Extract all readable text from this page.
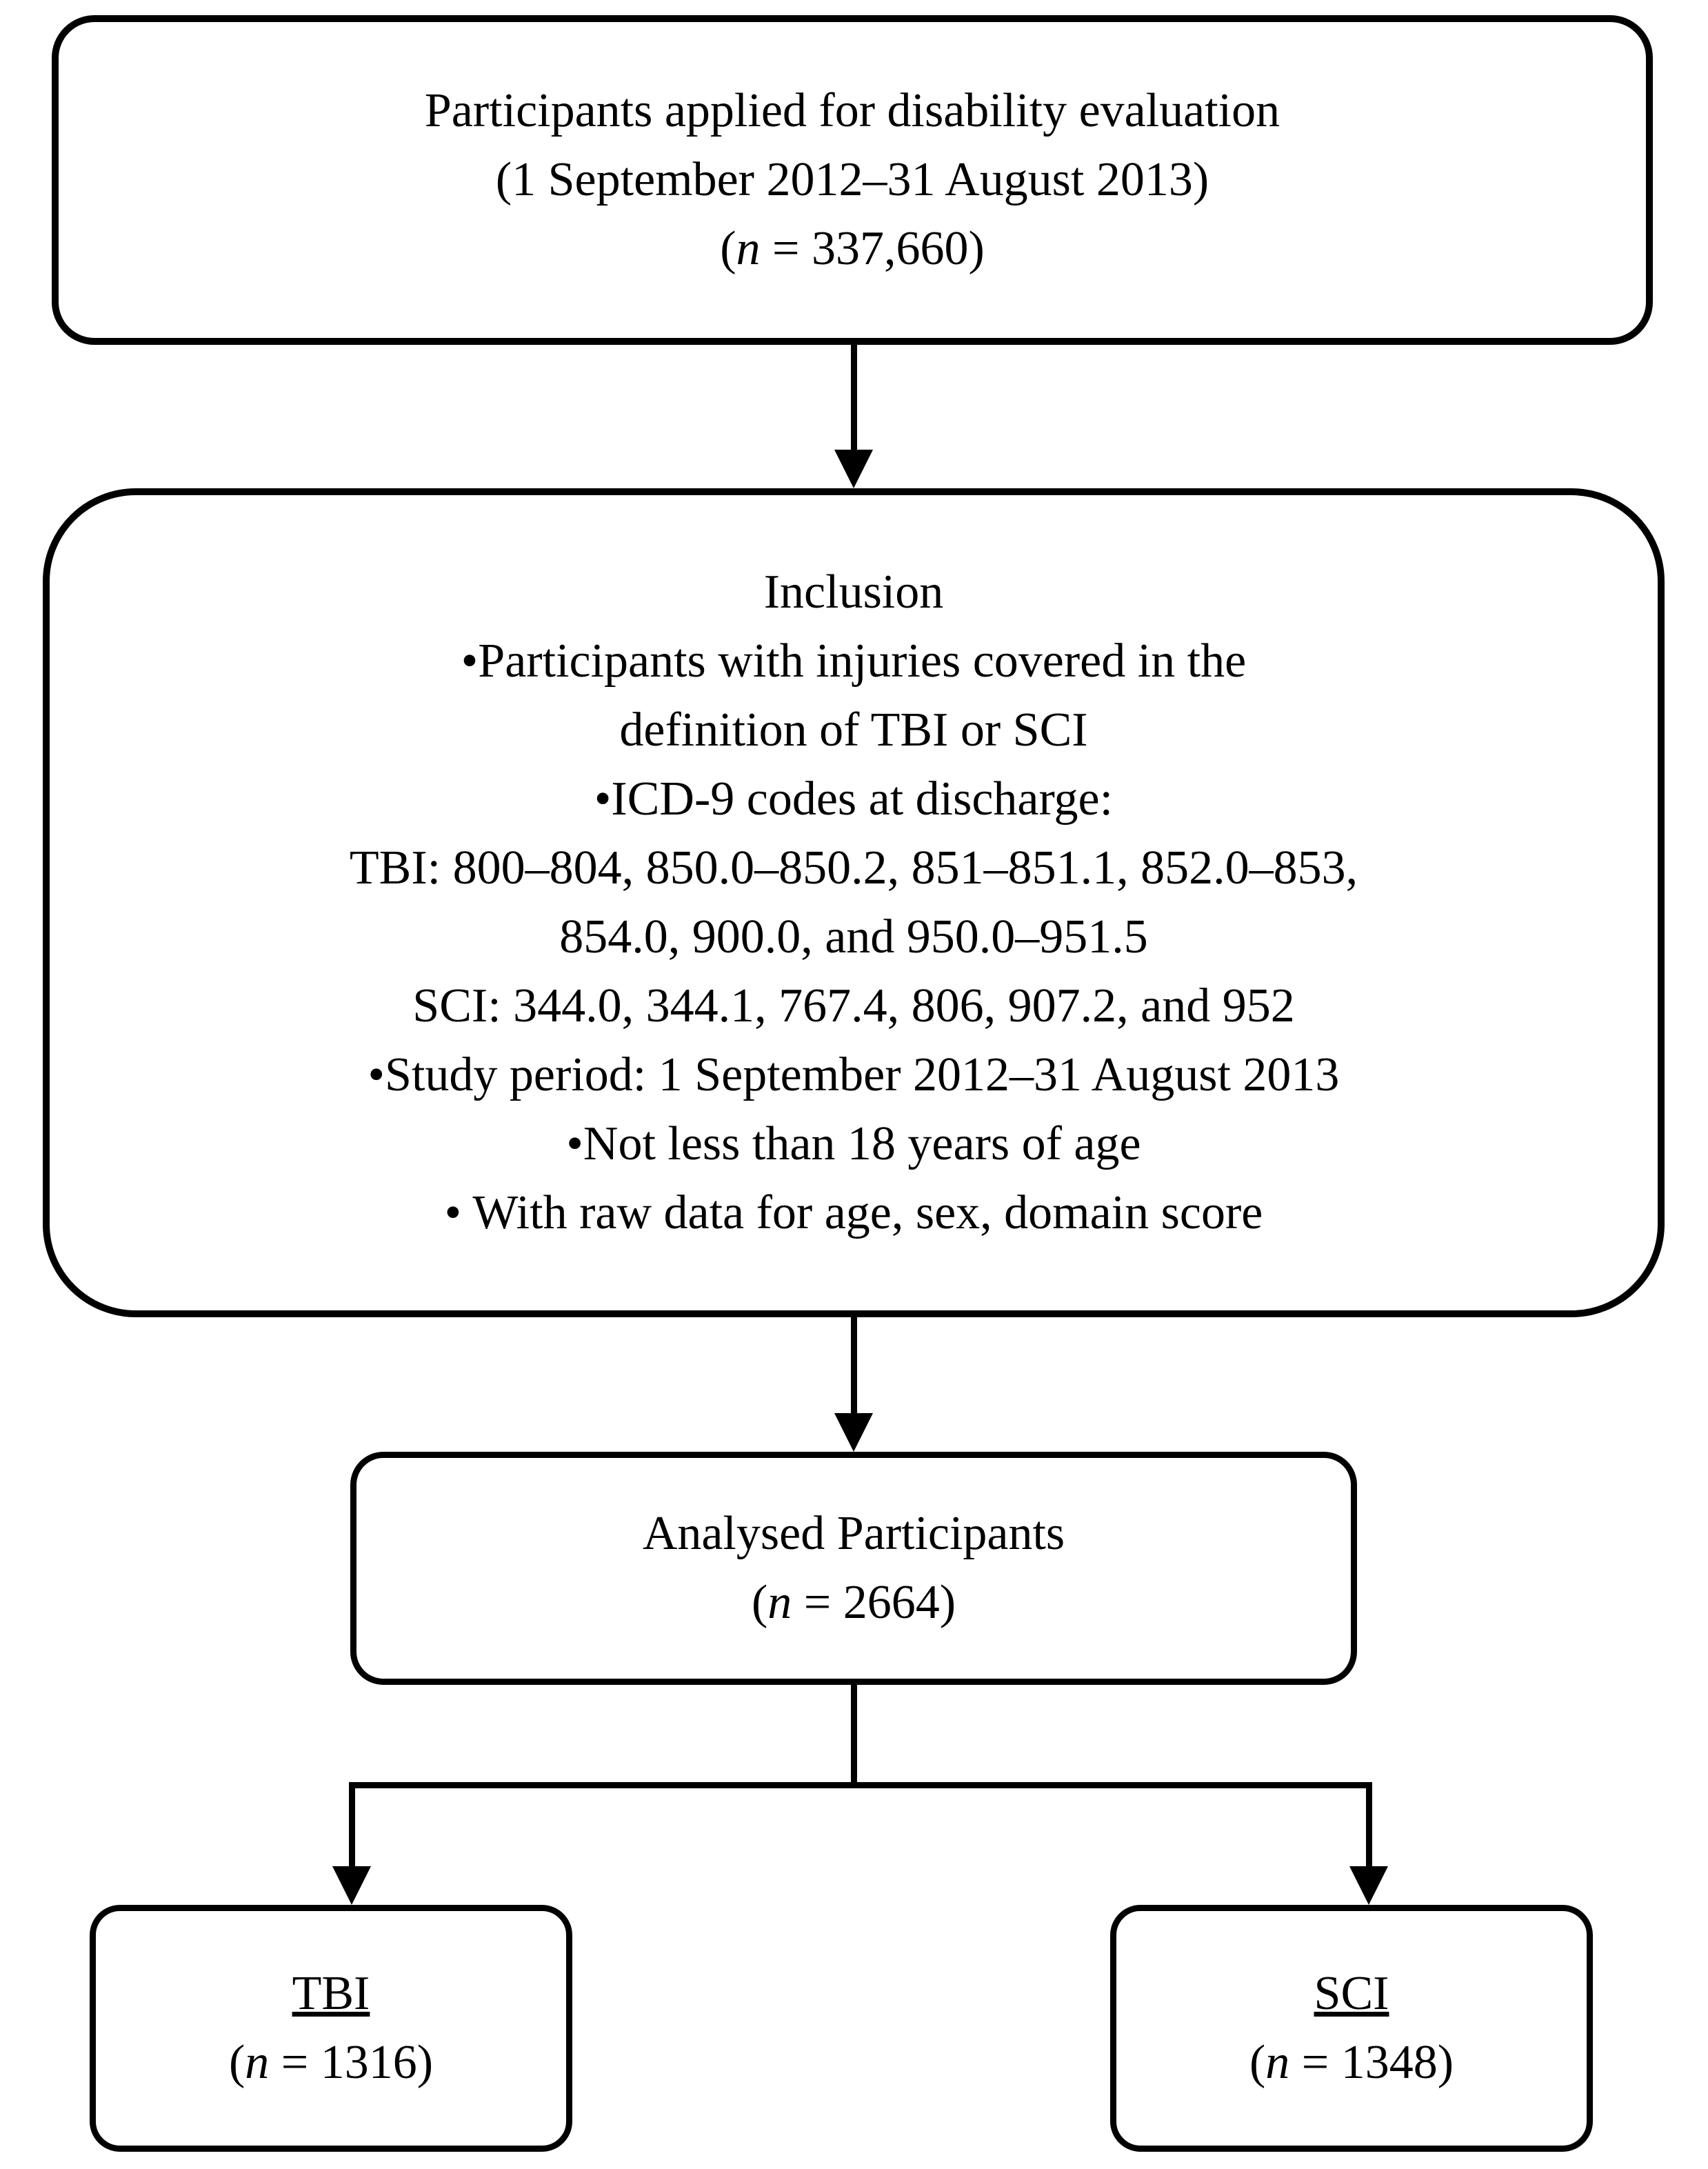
Participants applied for disability evaluation
(1 September 2012–31 August 2013)
(n = 337,660)
Inclusion
•Participants with injuries covered in the
definition of TBI or SCI
•ICD-9 codes at discharge:
TBI: 800–804, 850.0–850.2, 851–851.1, 852.0–853,
854.0, 900.0, and 950.0–951.5
SCI: 344.0, 344.1, 767.4, 806, 907.2, and 952
•Study period: 1 September 2012–31 August 2013
•Not less than 18 years of age
• With raw data for age, sex, domain score
Analysed Participants
(n = 2664)
TBI
(n = 1316)
SCI
(n = 1348)
